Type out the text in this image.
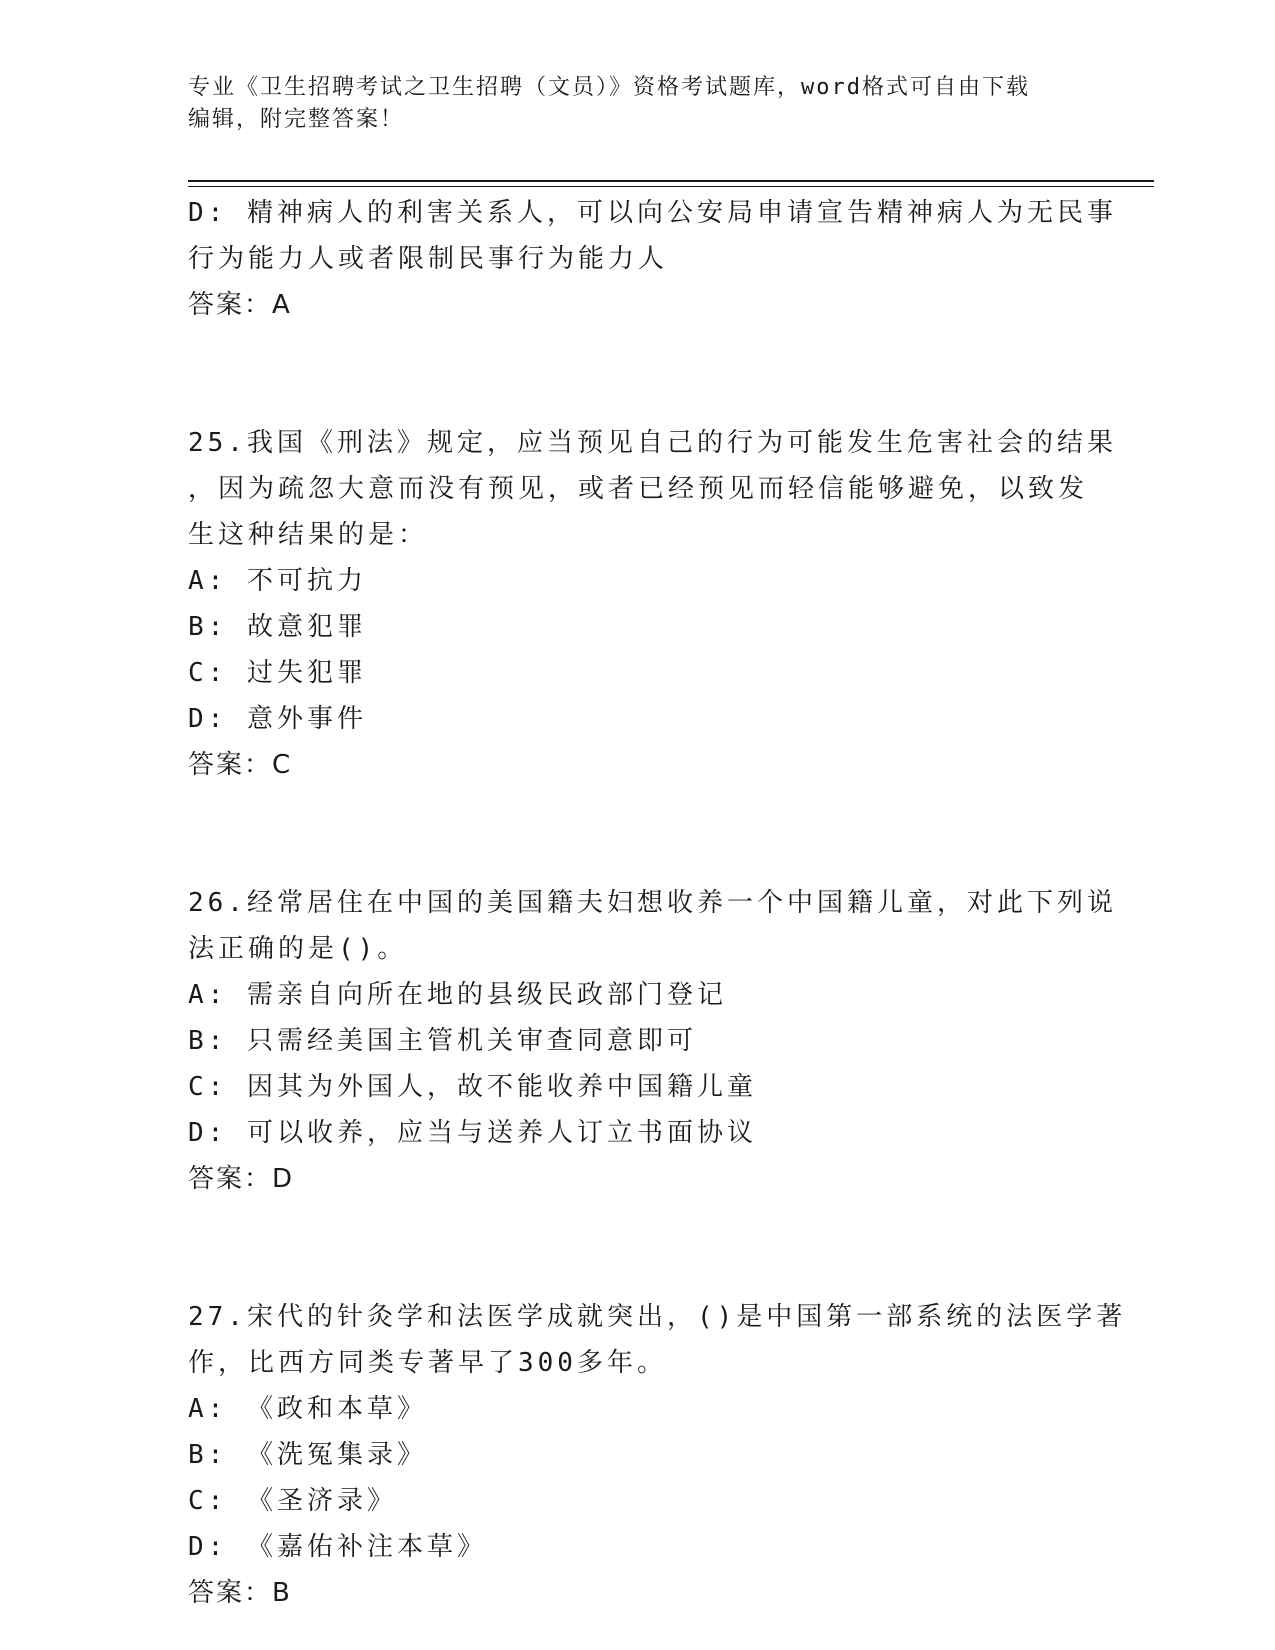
专业《卫生招聘考试之卫生招聘（文员）》资格考试题库，word格式可自由下载
编辑，附完整答案！
D: 精神病人的利害关系人，可以向公安局申请宣告精神病人为无民事
行为能力人或者限制民事行为能力人
答案：A
25.我国《刑法》规定，应当预见自己的行为可能发生危害社会的结果
，因为疏忽大意而没有预见，或者已经预见而轻信能够避免，以致发
生这种结果的是：
A: 不可抗力
B: 故意犯罪
C: 过失犯罪
D: 意外事件
答案：C
26.经常居住在中国的美国籍夫妇想收养一个中国籍儿童，对此下列说
法正确的是()。
A: 需亲自向所在地的县级民政部门登记
B: 只需经美国主管机关审查同意即可
C: 因其为外国人，故不能收养中国籍儿童
D: 可以收养，应当与送养人订立书面协议
答案：D
27.宋代的针灸学和法医学成就突出，()是中国第一部系统的法医学著
作，比西方同类专著早了300多年。
A: 《政和本草》
B: 《洗冤集录》
C: 《圣济录》
D: 《嘉佑补注本草》
答案：B
